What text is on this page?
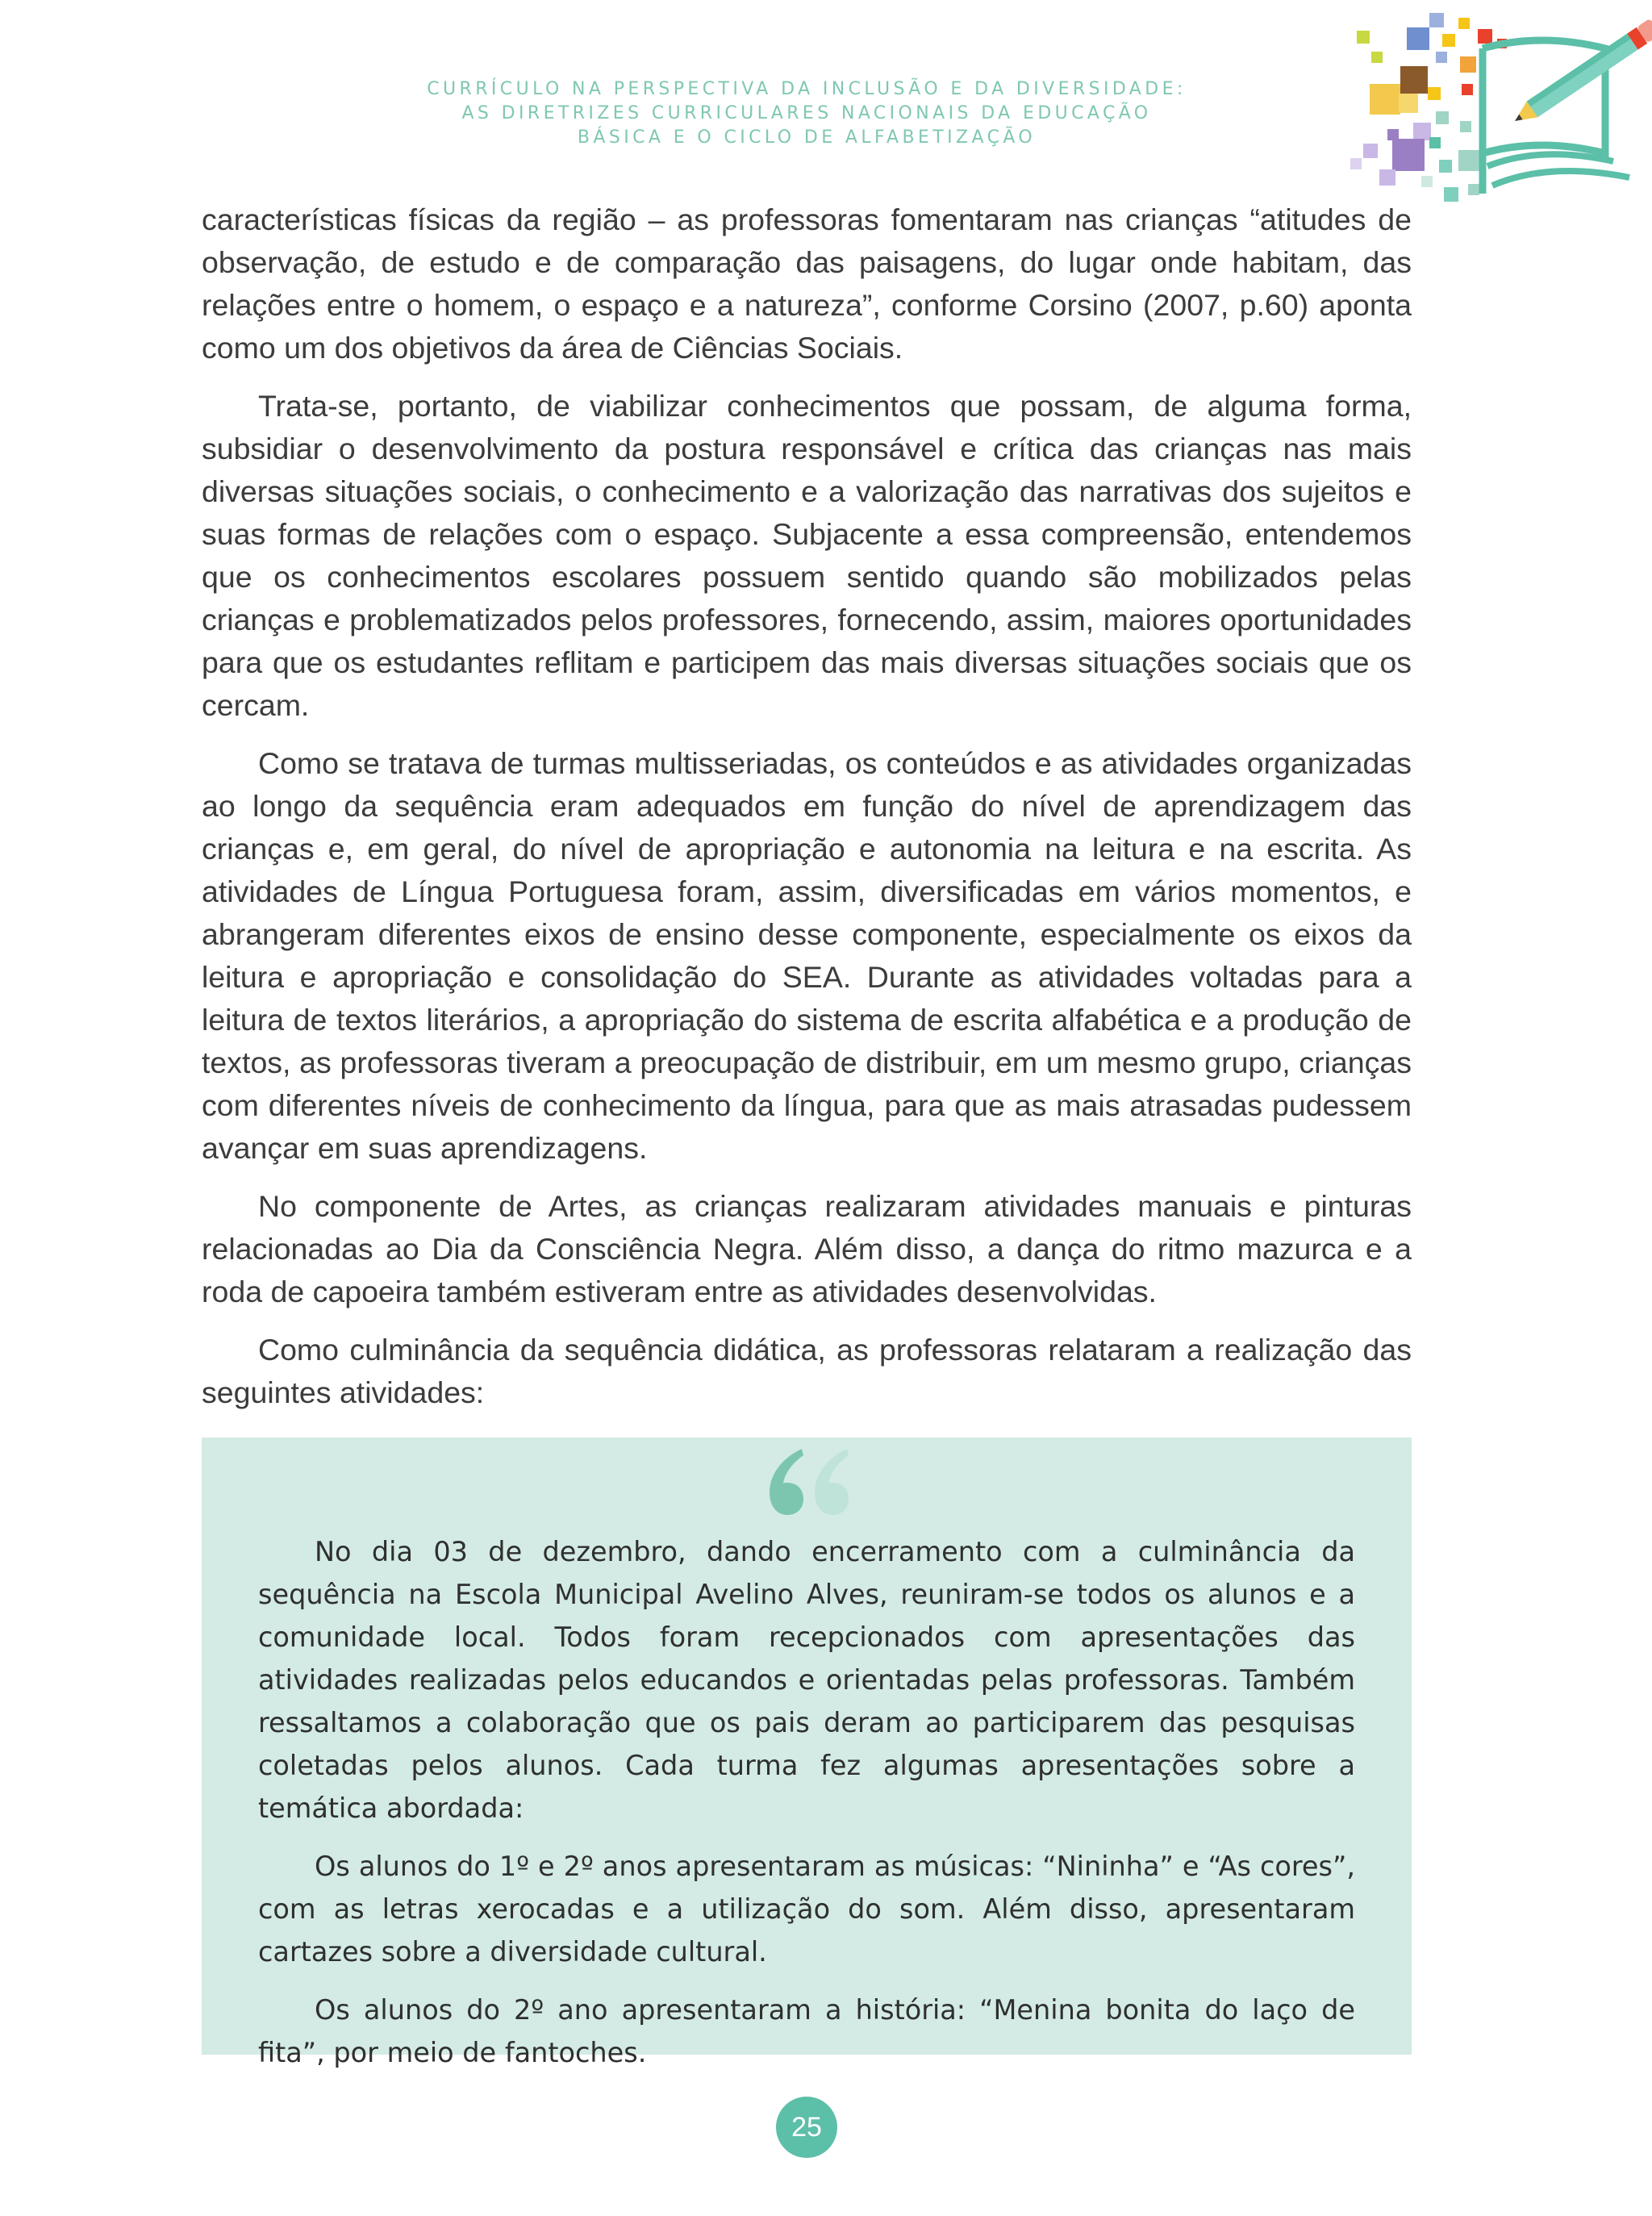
CURRÍCULO NA PERSPECTIVA DA INCLUSÃO E DA DIVERSIDADE:
AS DIRETRIZES CURRICULARES NACIONAIS DA EDUCAÇÃO
BÁSICA E O CICLO DE ALFABETIZAÇÃO

características físicas da região – as professoras fomentaram nas crianças “atitudes de observação, de estudo e de comparação das paisagens, do lugar onde habitam, das relações entre o homem, o espaço e a natureza”, conforme Corsino (2007, p.60) aponta como um dos objetivos da área de Ciências Sociais.

Trata-se, portanto, de viabilizar conhecimentos que possam, de alguma forma, subsidiar o desenvolvimento da postura responsável e crítica das crianças nas mais diversas situações sociais, o conhecimento e a valorização das narrativas dos sujeitos e suas formas de relações com o espaço. Subjacente a essa compreensão, entendemos que os conhecimentos escolares possuem sentido quando são mobilizados pelas crianças e problematizados pelos professores, fornecendo, assim, maiores oportunidades para que os estudantes reflitam e participem das mais diversas situações sociais que os cercam.

Como se tratava de turmas multisseriadas, os conteúdos e as atividades organizadas ao longo da sequência eram adequados em função do nível de aprendizagem das crianças e, em geral, do nível de apropriação e autonomia na leitura e na escrita. As atividades de Língua Portuguesa foram, assim, diversificadas em vários momentos, e abrangeram diferentes eixos de ensino desse componente, especialmente os eixos da leitura e apropriação e consolidação do SEA. Durante as atividades voltadas para a leitura de textos literários, a apropriação do sistema de escrita alfabética e a produção de textos, as professoras tiveram a preocupação de distribuir, em um mesmo grupo, crianças com diferentes níveis de conhecimento da língua, para que as mais atrasadas pudessem avançar em suas aprendizagens.

No componente de Artes, as crianças realizaram atividades manuais e pinturas relacionadas ao Dia da Consciência Negra. Além disso, a dança do ritmo mazurca e a roda de capoeira também estiveram entre as atividades desenvolvidas.

Como culminância da sequência didática, as professoras relataram a realização das seguintes atividades:

No dia 03 de dezembro, dando encerramento com a culminância da sequência na Escola Municipal Avelino Alves, reuniram-se todos os alunos e a comunidade local. Todos foram recepcionados com apresentações das atividades realizadas pelos educandos e orientadas pelas professoras. Também ressaltamos a colaboração que os pais deram ao participarem das pesquisas coletadas pelos alunos. Cada turma fez algumas apresentações sobre a temática abordada:

Os alunos do 1º e 2º anos apresentaram as músicas: “Nininha” e “As cores”, com as letras xerocadas e a utilização do som. Além disso, apresentaram cartazes sobre a diversidade cultural.

Os alunos do 2º ano apresentaram a história: “Menina bonita do laço de fita”, por meio de fantoches.

25
